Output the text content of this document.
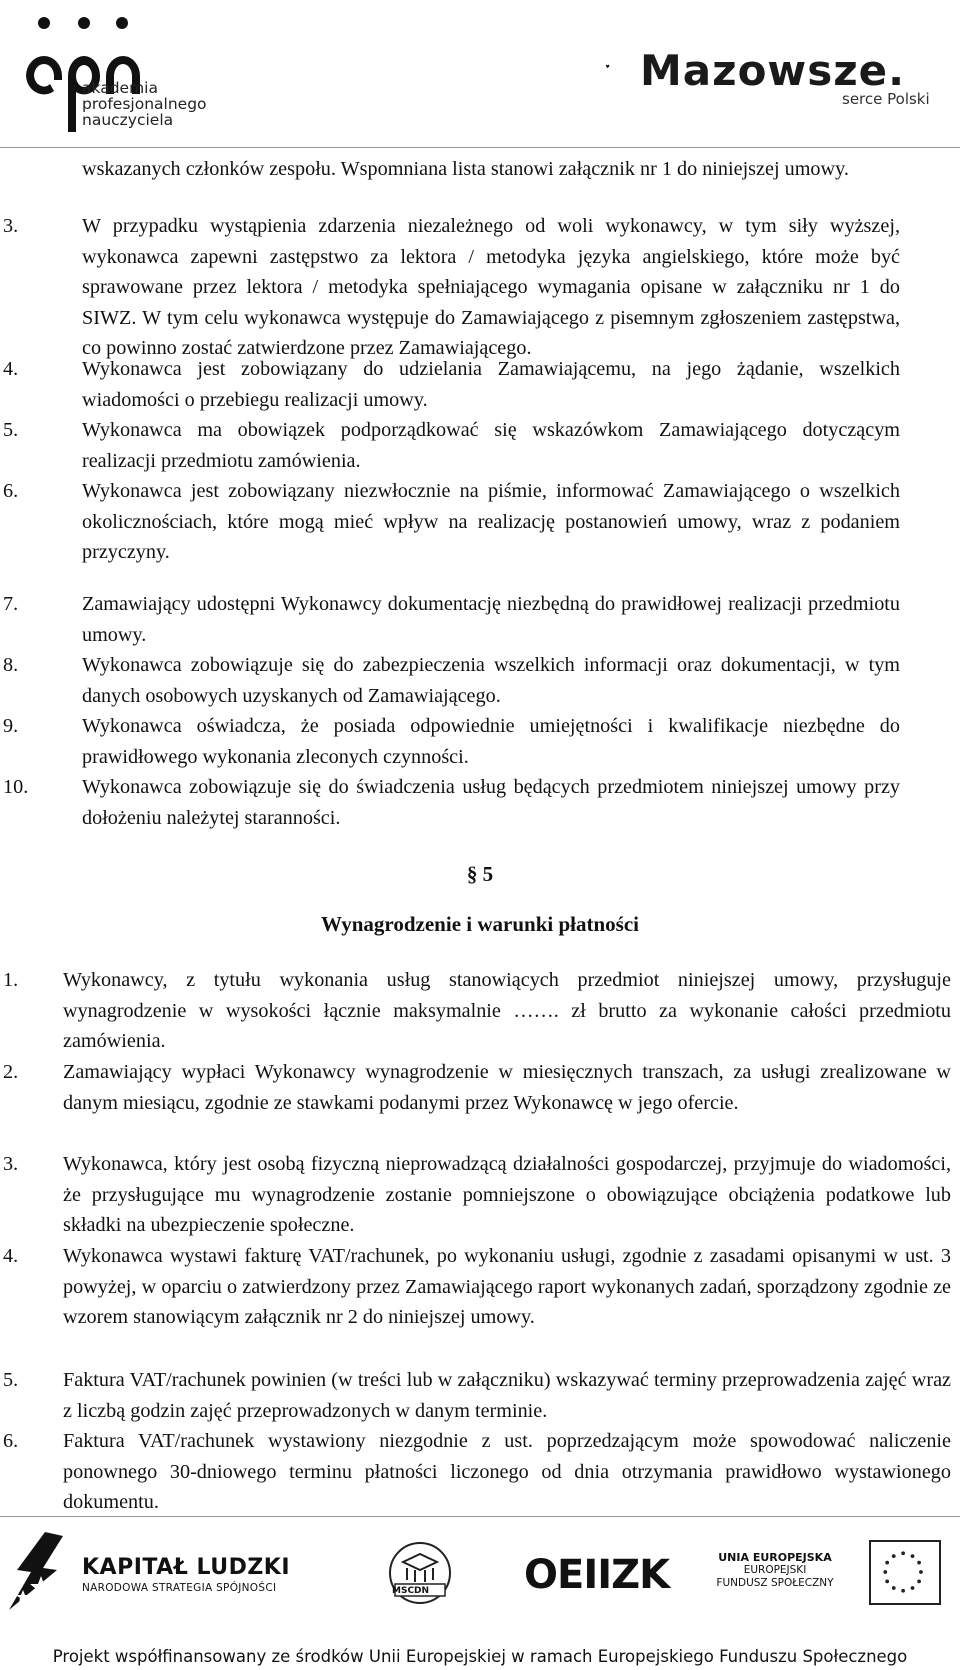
akademia
profesjonalnego
nauczyciela
Mazowsze.
serce Polski
wskazanych członków zespołu. Wspomniana lista stanowi załącznik nr 1 do niniejszej umowy.
3.	W przypadku wystąpienia zdarzenia niezależnego od woli wykonawcy, w tym siły wyższej, wykonawca zapewni zastępstwo za lektora / metodyka języka angielskiego, które może być sprawowane przez lektora / metodyka spełniającego wymagania opisane w załączniku nr 1 do SIWZ. W tym celu wykonawca występuje do Zamawiającego z pisemnym zgłoszeniem zastępstwa, co powinno zostać zatwierdzone przez Zamawiającego.
4.	Wykonawca jest zobowiązany do udzielania Zamawiającemu, na jego żądanie, wszelkich wiadomości o przebiegu realizacji umowy.
5.	Wykonawca ma obowiązek podporządkować się wskazówkom Zamawiającego dotyczącym realizacji przedmiotu zamówienia.
6.	Wykonawca jest zobowiązany niezwłocznie na piśmie, informować Zamawiającego o wszelkich okolicznościach, które mogą mieć wpływ na realizację postanowień umowy, wraz z podaniem przyczyny.
7.	Zamawiający udostępni Wykonawcy dokumentację niezbędną do prawidłowej realizacji przedmiotu umowy.
8.	Wykonawca zobowiązuje się do zabezpieczenia wszelkich informacji oraz dokumentacji, w tym danych osobowych uzyskanych od Zamawiającego.
9.	Wykonawca oświadcza, że posiada odpowiednie umiejętności i kwalifikacje niezbędne do prawidłowego wykonania zleconych czynności.
10.	Wykonawca zobowiązuje się do świadczenia usług będących przedmiotem niniejszej umowy przy dołożeniu należytej staranności.
§ 5
Wynagrodzenie i warunki płatności
1. Wykonawcy, z tytułu wykonania usług stanowiących przedmiot niniejszej umowy, przysługuje wynagrodzenie w wysokości łącznie maksymalnie ……. zł brutto za wykonanie całości przedmiotu zamówienia.
2. Zamawiający wypłaci Wykonawcy wynagrodzenie w miesięcznych transzach, za usługi zrealizowane w danym miesiącu, zgodnie ze stawkami podanymi przez Wykonawcę w jego ofercie.
3. Wykonawca, który jest osobą fizyczną nieprowadzącą działalności gospodarczej, przyjmuje do wiadomości, że przysługujące mu wynagrodzenie zostanie pomniejszone o obowiązujące obciążenia podatkowe lub składki na ubezpieczenie społeczne.
4. Wykonawca wystawi fakturę VAT/rachunek, po wykonaniu usługi, zgodnie z zasadami opisanymi w ust. 3 powyżej, w oparciu o zatwierdzony przez Zamawiającego raport wykonanych zadań, sporządzony zgodnie ze wzorem stanowiącym załącznik nr 2 do niniejszej umowy.
5. Faktura VAT/rachunek powinien (w treści lub w załączniku) wskazywać terminy przeprowadzenia zajęć wraz z liczbą godzin zajęć przeprowadzonych w danym terminie.
6. Faktura VAT/rachunek wystawiony niezgodnie z ust. poprzedzającym może spowodować naliczenie ponownego 30-dniowego terminu płatności liczonego od dnia otrzymania prawidłowo wystawionego dokumentu.
KAPITAŁ LUDZKI
NARODOWA STRATEGIA SPÓJNOŚCI	MSCDN OEIIZK	UNIA EUROPEJSKA
EUROPEJSKI
FUNDUSZ SPOŁECZNY
Projekt współfinansowany ze środków Unii Europejskiej w ramach Europejskiego Funduszu Społecznego
